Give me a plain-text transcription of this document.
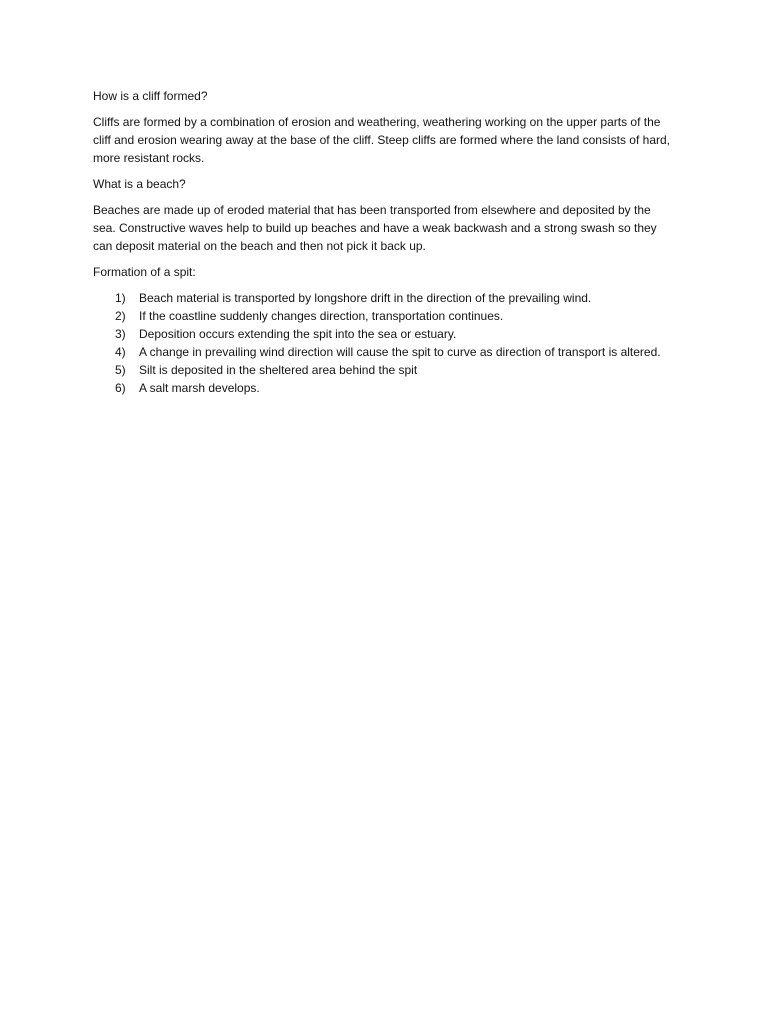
How is a cliff formed?

Cliffs are formed by a combination of erosion and weathering, weathering working on the upper parts of the cliff and erosion wearing away at the base of the cliff. Steep cliffs are formed where the land consists of hard, more resistant rocks.

What is a beach?

Beaches are made up of eroded material that has been transported from elsewhere and deposited by the sea. Constructive waves help to build up beaches and have a weak backwash and a strong swash so they can deposit material on the beach and then not pick it back up.

Formation of a spit:

1) Beach material is transported by longshore drift in the direction of the prevailing wind.
2) If the coastline suddenly changes direction, transportation continues.
3) Deposition occurs extending the spit into the sea or estuary.
4) A change in prevailing wind direction will cause the spit to curve as direction of transport is altered.
5) Silt is deposited in the sheltered area behind the spit
6) A salt marsh develops.
